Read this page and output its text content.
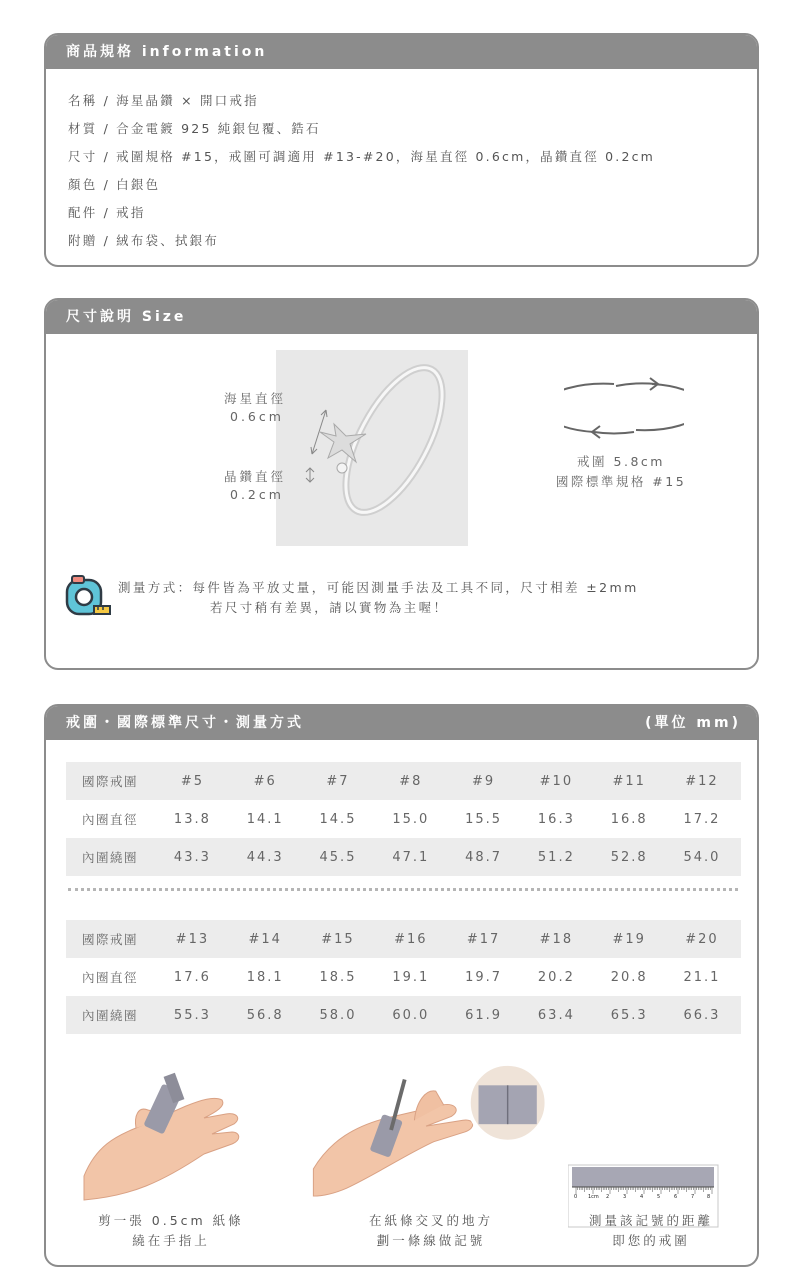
商品規格 information
名稱 / 海星晶鑽 × 開口戒指
材質 / 合金電鍍 925 純銀包覆、鋯石
尺寸 / 戒圍規格 #15，戒圍可調適用 #13-#20，海星直徑 0.6cm，晶鑽直徑 0.2cm
顏色 / 白銀色
配件 / 戒指
附贈 / 絨布袋、拭銀布
尺寸說明 Size
海星直徑
0.6cm
晶鑽直徑
0.2cm
戒圍 5.8cm
國際標準規格 #15
測量方式：每件皆為平放丈量，可能因測量手法及工具不同，尺寸相差 ±2mm
若尺寸稍有差異，請以實物為主喔！
戒圍・國際標準尺寸・測量方式	(單位 mm)
國際戒圍	#5	#6	#7	#8	#9	#10	#11	#12
內圈直徑	13.8	14.1	14.5	15.0	15.5	16.3	16.8	17.2
內圍繞圈	43.3	44.3	45.5	47.1	48.7	51.2	52.8	54.0
國際戒圍	#13	#14	#15	#16	#17	#18	#19	#20
內圈直徑	17.6	18.1	18.5	19.1	19.7	20.2	20.8	21.1
內圍繞圈	55.3	56.8	58.0	60.0	61.9	63.4	65.3	66.3
剪一張 0.5cm 紙條
繞在手指上
在紙條交叉的地方
劃一條線做記號
0 1cm 2	3	4	5	6	7	8
測量該記號的距離
即您的戒圍
